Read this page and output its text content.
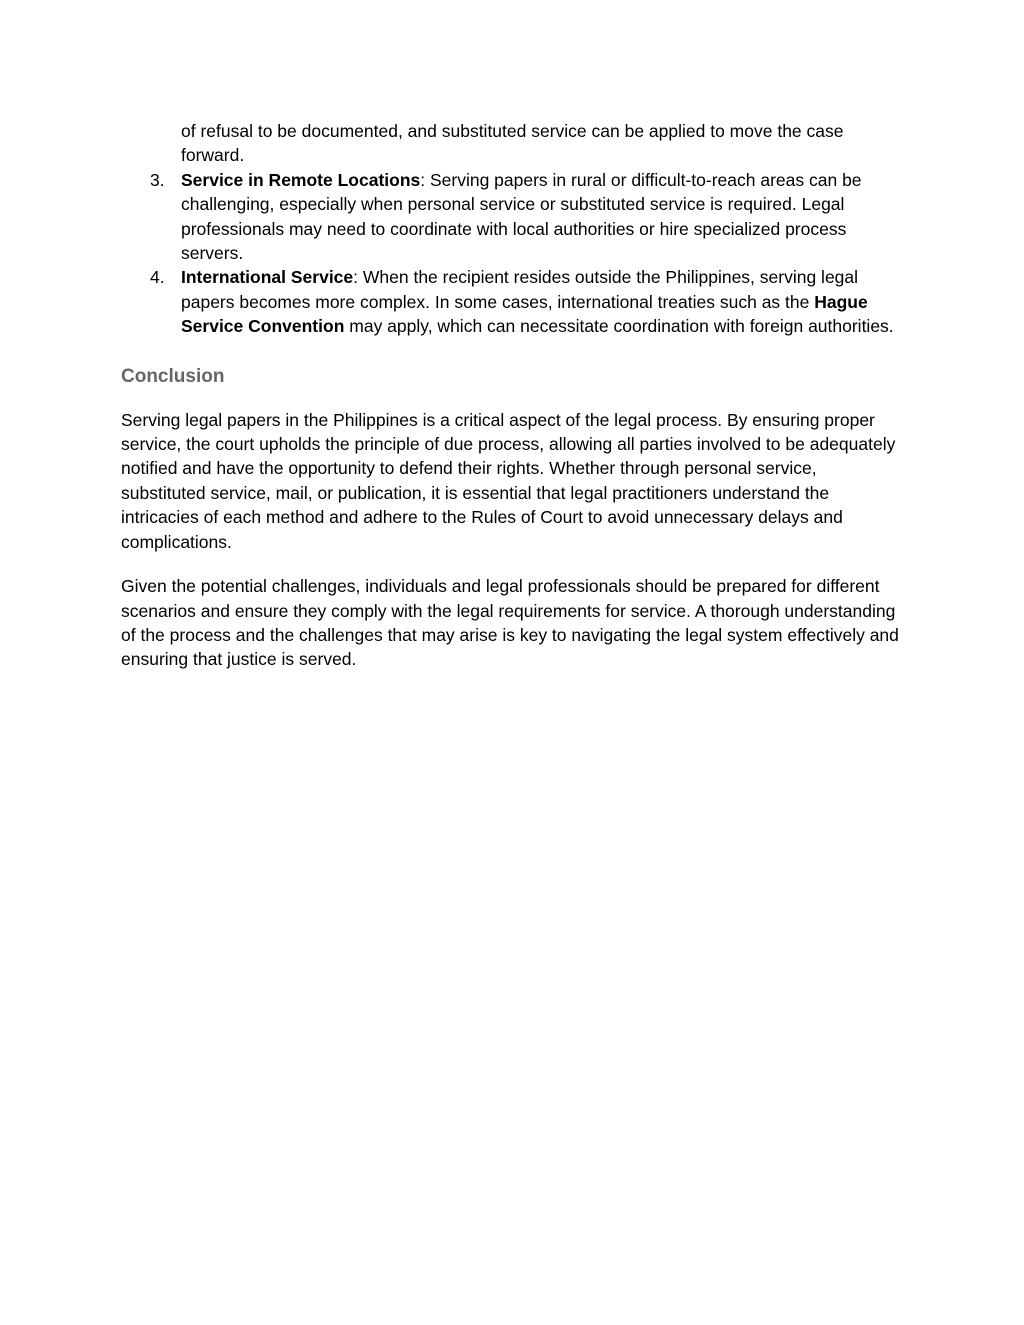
of refusal to be documented, and substituted service can be applied to move the case forward.
3. Service in Remote Locations: Serving papers in rural or difficult-to-reach areas can be challenging, especially when personal service or substituted service is required. Legal professionals may need to coordinate with local authorities or hire specialized process servers.
4. International Service: When the recipient resides outside the Philippines, serving legal papers becomes more complex. In some cases, international treaties such as the Hague Service Convention may apply, which can necessitate coordination with foreign authorities.
Conclusion

Serving legal papers in the Philippines is a critical aspect of the legal process. By ensuring proper service, the court upholds the principle of due process, allowing all parties involved to be adequately notified and have the opportunity to defend their rights. Whether through personal service, substituted service, mail, or publication, it is essential that legal practitioners understand the intricacies of each method and adhere to the Rules of Court to avoid unnecessary delays and complications.

Given the potential challenges, individuals and legal professionals should be prepared for different scenarios and ensure they comply with the legal requirements for service. A thorough understanding of the process and the challenges that may arise is key to navigating the legal system effectively and ensuring that justice is served.
